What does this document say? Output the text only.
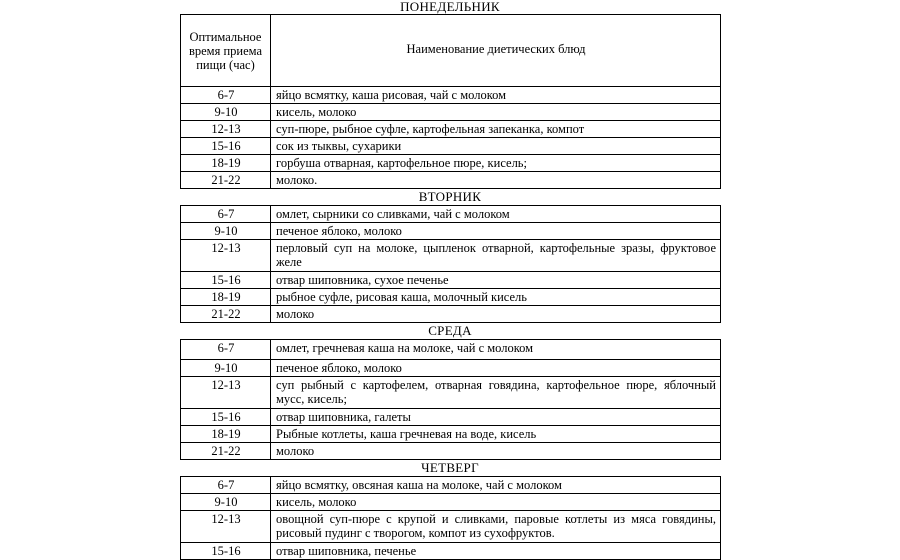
ПОНЕДЕЛЬНИК
Оптимальное время приема пищи (час)	Наименование диетических блюд
6-7	яйцо всмятку, каша рисовая, чай с молоком
9-10	кисель, молоко
12-13	суп-пюре, рыбное суфле, картофельная запеканка, компот
15-16	сок из тыквы, сухарики
18-19	горбуша отварная, картофельное пюре, кисель;
21-22	молоко.
ВТОРНИК
6-7	омлет, сырники со сливками, чай с молоком
9-10	печеное яблоко, молоко
12-13	перловый суп на молоке, цыпленок отварной, картофельные зразы, фруктовое желе
15-16	отвар шиповника, сухое печенье
18-19	рыбное суфле, рисовая каша, молочный кисель
21-22	молоко
СРЕДА
6-7	омлет, гречневая каша на молоке, чай с молоком
9-10	печеное яблоко, молоко
12-13	суп рыбный с картофелем, отварная говядина, картофельное пюре, яблочный мусс, кисель;
15-16	отвар шиповника, галеты
18-19	Рыбные котлеты, каша гречневая на воде, кисель
21-22	молоко
ЧЕТВЕРГ
6-7	яйцо всмятку, овсяная каша на молоке, чай с молоком
9-10	кисель, молоко
12-13	овощной суп-пюре с крупой и сливками, паровые котлеты из мяса говядины, рисовый пудинг с творогом, компот из сухофруктов.
15-16	отвар шиповника, печенье
